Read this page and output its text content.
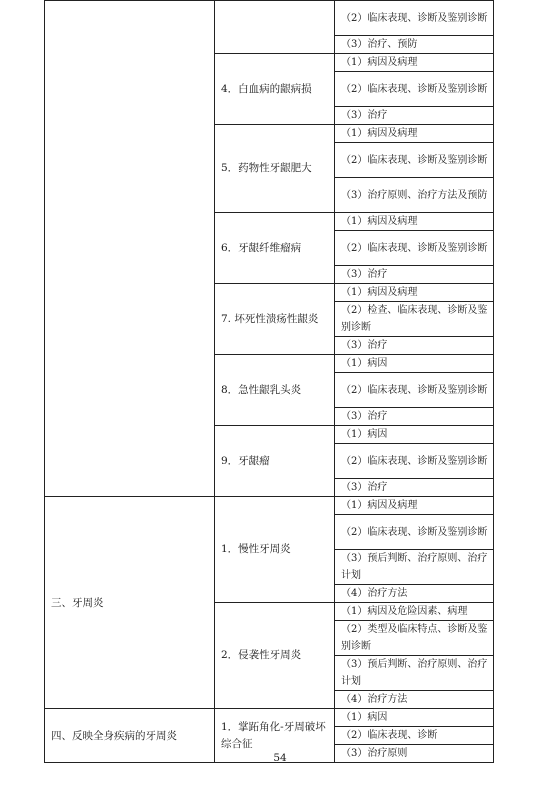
		（2）临床表现、诊断及鉴别诊断
		（3）治疗、预防
	4．白血病的龈病损	（1）病因及病理
		（2）临床表现、诊断及鉴别诊断
		（3）治疗
	5．药物性牙龈肥大	（1）病因及病理
		（2）临床表现、诊断及鉴别诊断
		（3）治疗原则、治疗方法及预防
	6．牙龈纤维瘤病	（1）病因及病理
		（2）临床表现、诊断及鉴别诊断
		（3）治疗
	7. 坏死性溃疡性龈炎	（1）病因及病理
		（2）检查、临床表现、诊断及鉴别诊断
		（3）治疗
	8．急性龈乳头炎	（1）病因
		（2）临床表现、诊断及鉴别诊断
		（3）治疗
	9．牙龈瘤	（1）病因
		（2）临床表现、诊断及鉴别诊断
		（3）治疗
三、牙周炎	1．慢性牙周炎	（1）病因及病理
		（2）临床表现、诊断及鉴别诊断
		（3）预后判断、治疗原则、治疗计划
		（4）治疗方法
	2．侵袭性牙周炎	（1）病因及危险因素、病理
		（2）类型及临床特点、诊断及鉴别诊断
		（3）预后判断、治疗原则、治疗计划
		（4）治疗方法
四、反映全身疾病的牙周炎	1．掌跖角化-牙周破坏综合征	（1）病因
		（2）临床表现、诊断
		（3）治疗原则
54
